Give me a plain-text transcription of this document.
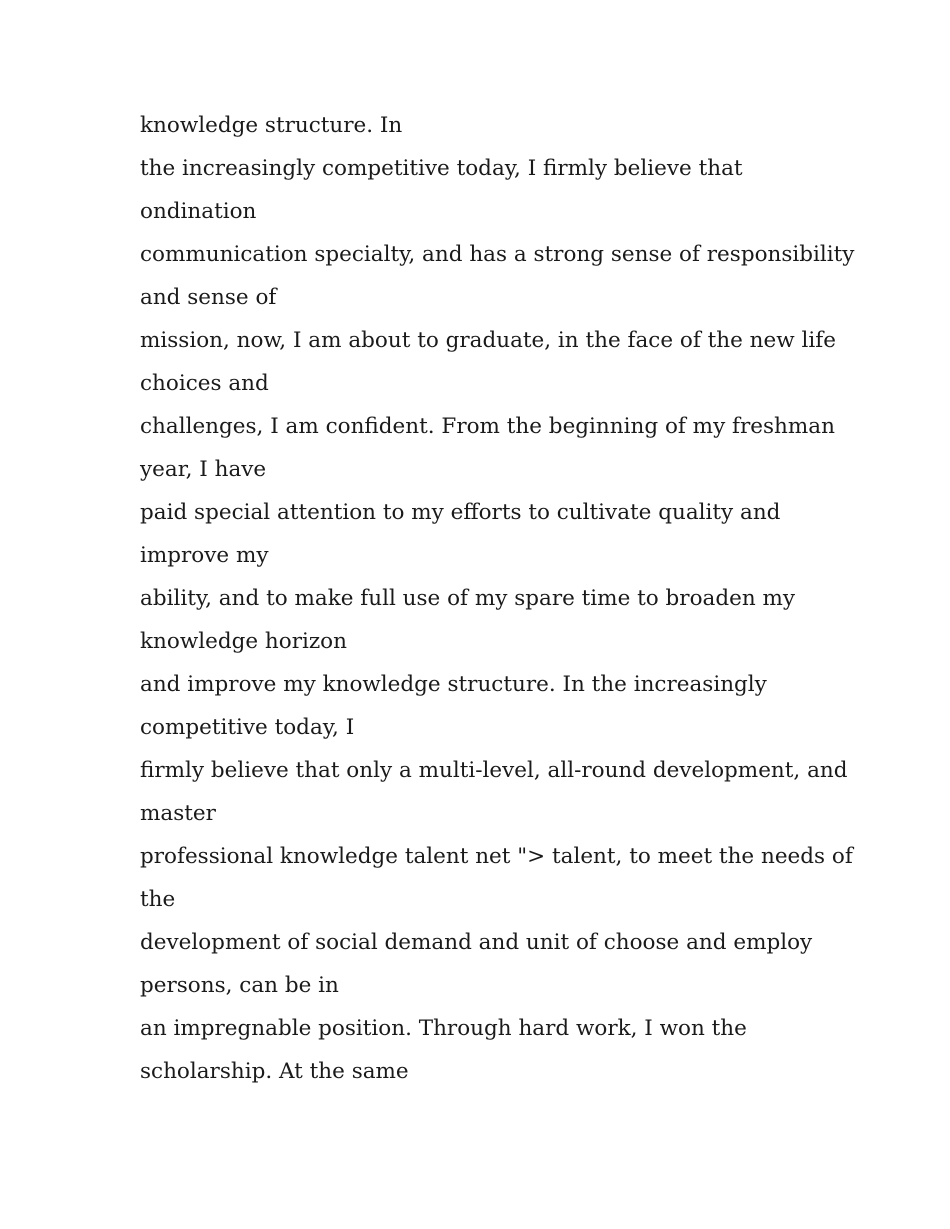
knowledge structure. In
the increasingly competitive today, I firmly believe that
ondination
communication specialty, and has a strong sense of responsibility
and sense of
mission, now, I am about to graduate, in the face of the new life
choices and
challenges, I am confident. From the beginning of my freshman
year, I have
paid special attention to my efforts to cultivate quality and
improve my
ability, and to make full use of my spare time to broaden my
knowledge horizon
and improve my knowledge structure. In the increasingly
competitive today, I
firmly believe that only a multi-level, all-round development, and
master
professional knowledge talent net "> talent, to meet the needs of
the
development of social demand and unit of choose and employ
persons, can be in
an impregnable position. Through hard work, I won the
scholarship. At the same
